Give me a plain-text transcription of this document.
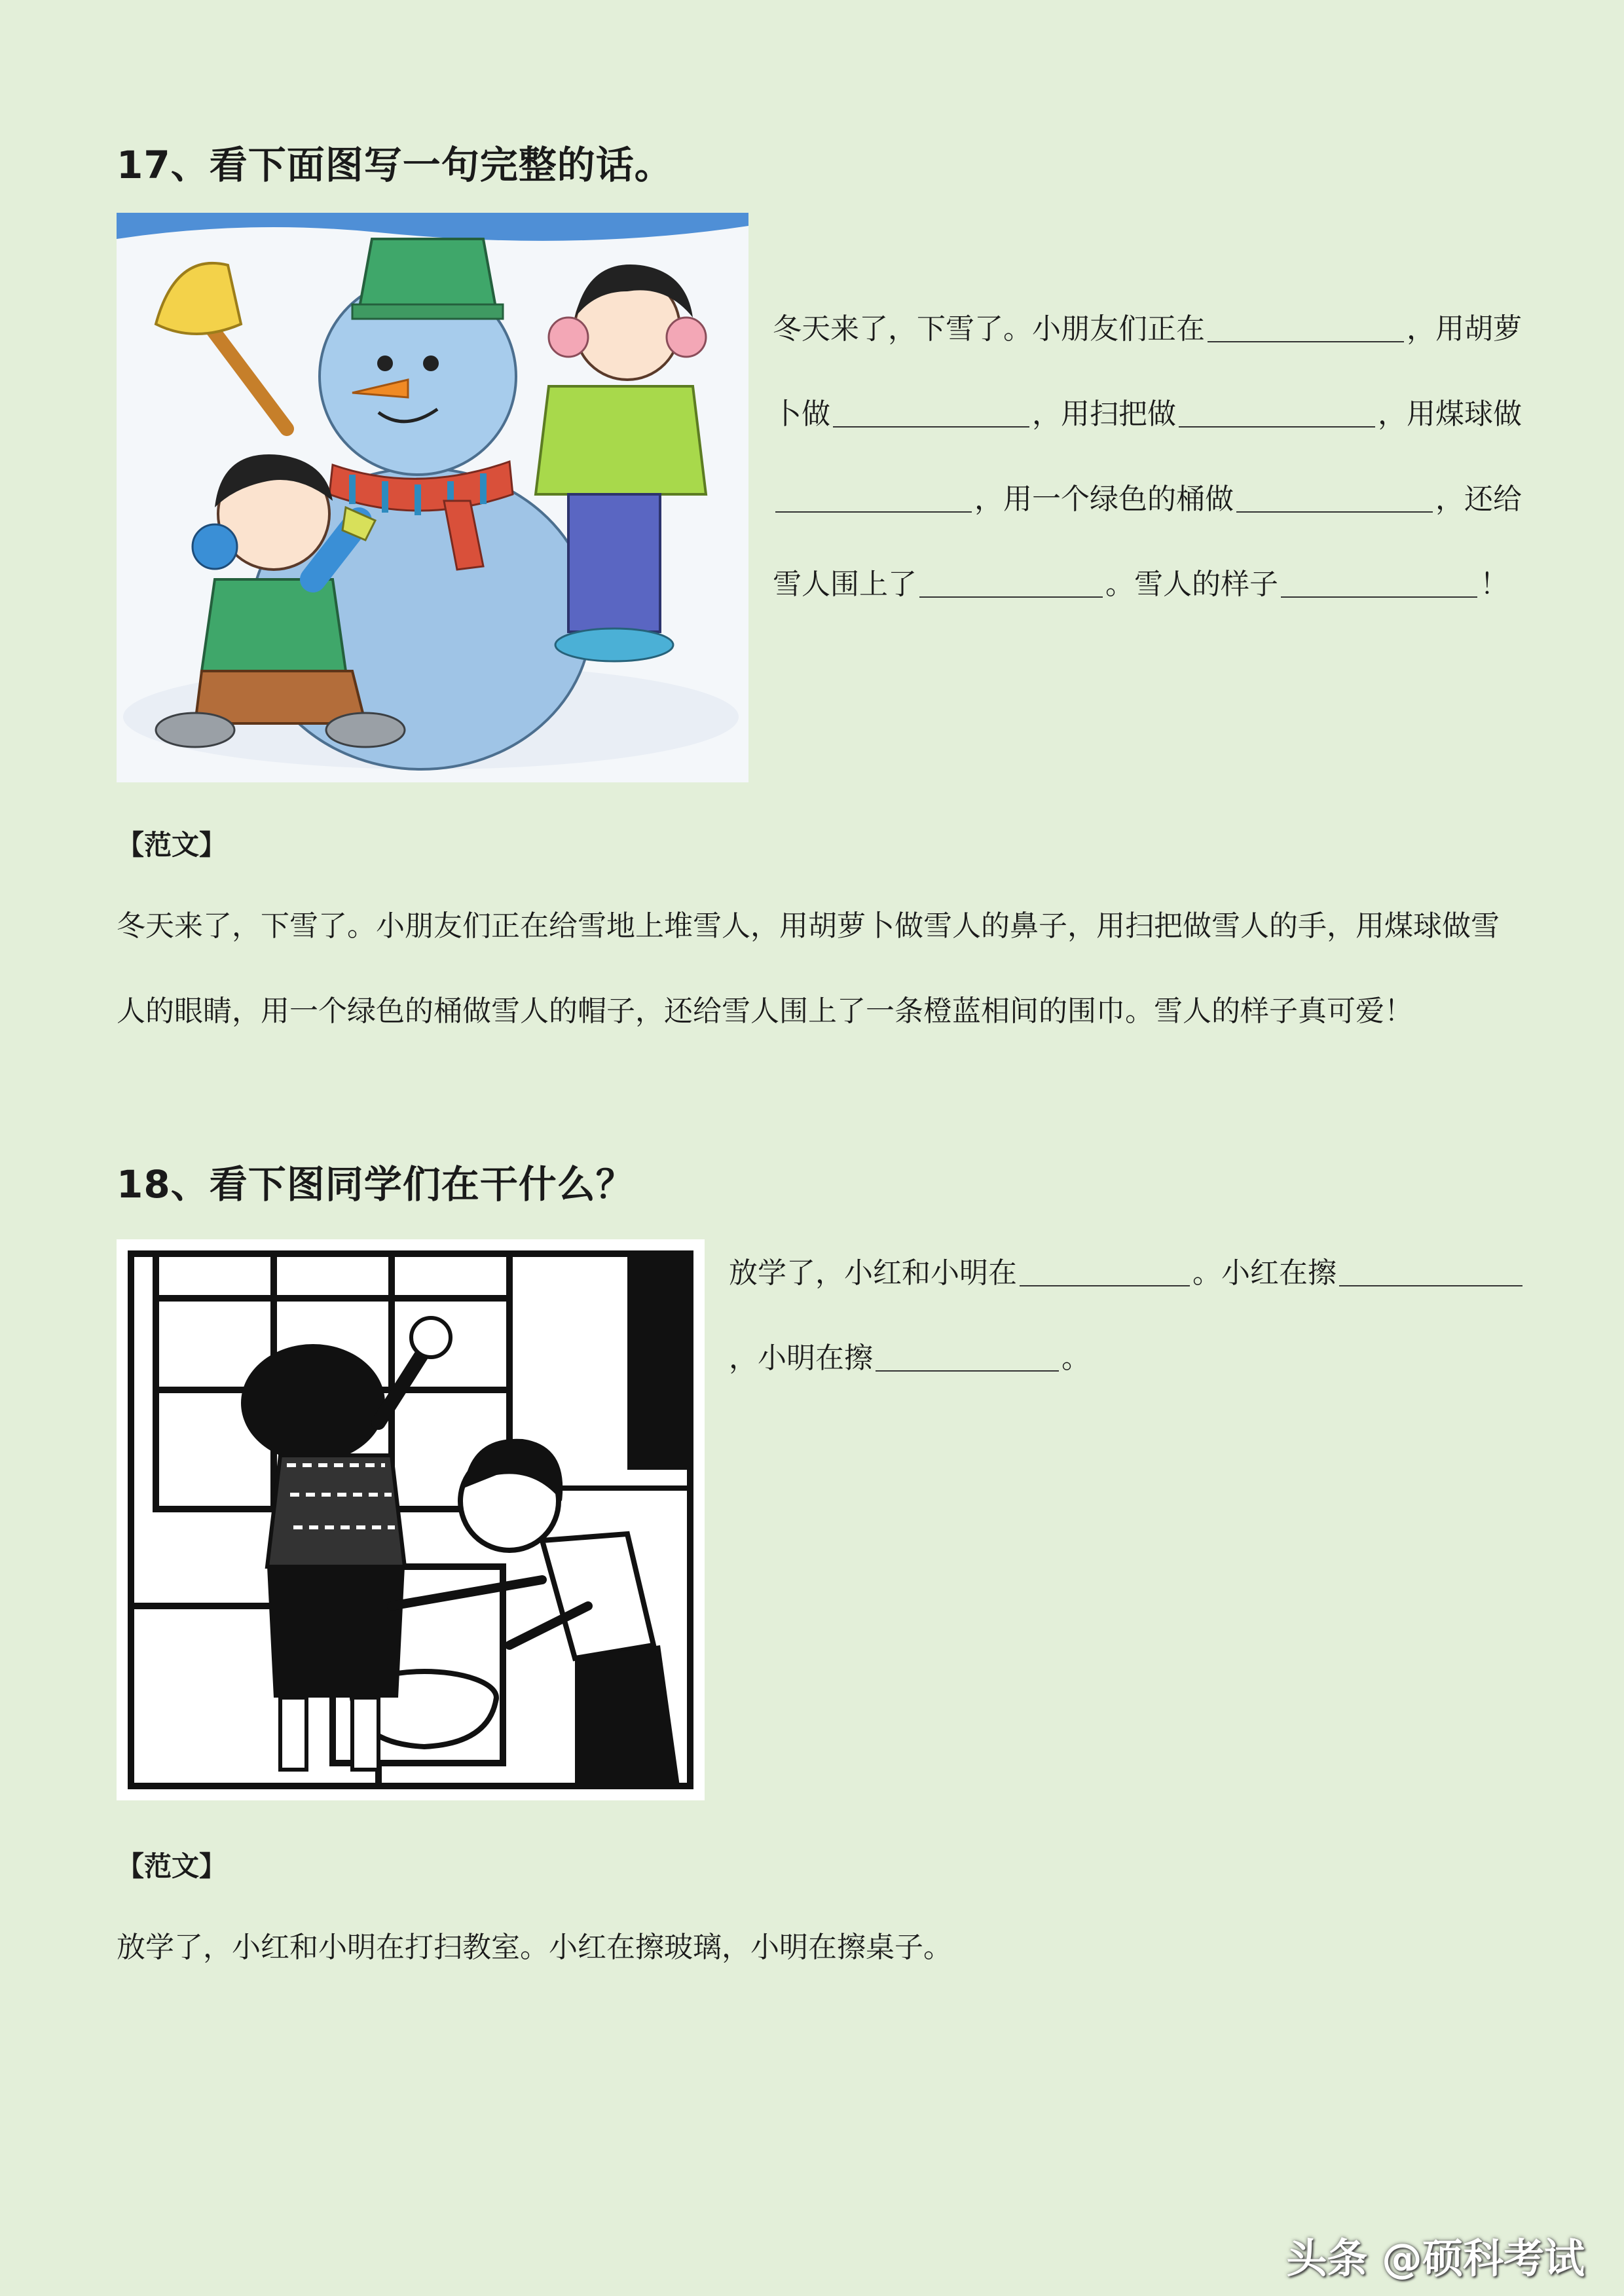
17、看下面图写一句完整的话。
冬天来了，下雪了。小朋友们正在	，用胡萝卜做	，用扫把做	，用煤球做，用一个绿色的桶做	，还给雪人围上了	。雪人的样子	！
【范文】
冬天来了，下雪了。小朋友们正在给雪地上堆雪人，用胡萝卜做雪人的鼻子，用扫把做雪人的手，用煤球做雪人的眼睛，用一个绿色的桶做雪人的帽子，还给雪人围上了一条橙蓝相间的围巾。雪人的样子真可爱！
18、看下图同学们在干什么？
放学了，小红和小明在	。小红在擦，小明在擦	。
【范文】
放学了，小红和小明在打扫教室。小红在擦玻璃，小明在擦桌子。
头条 @硕科考试
